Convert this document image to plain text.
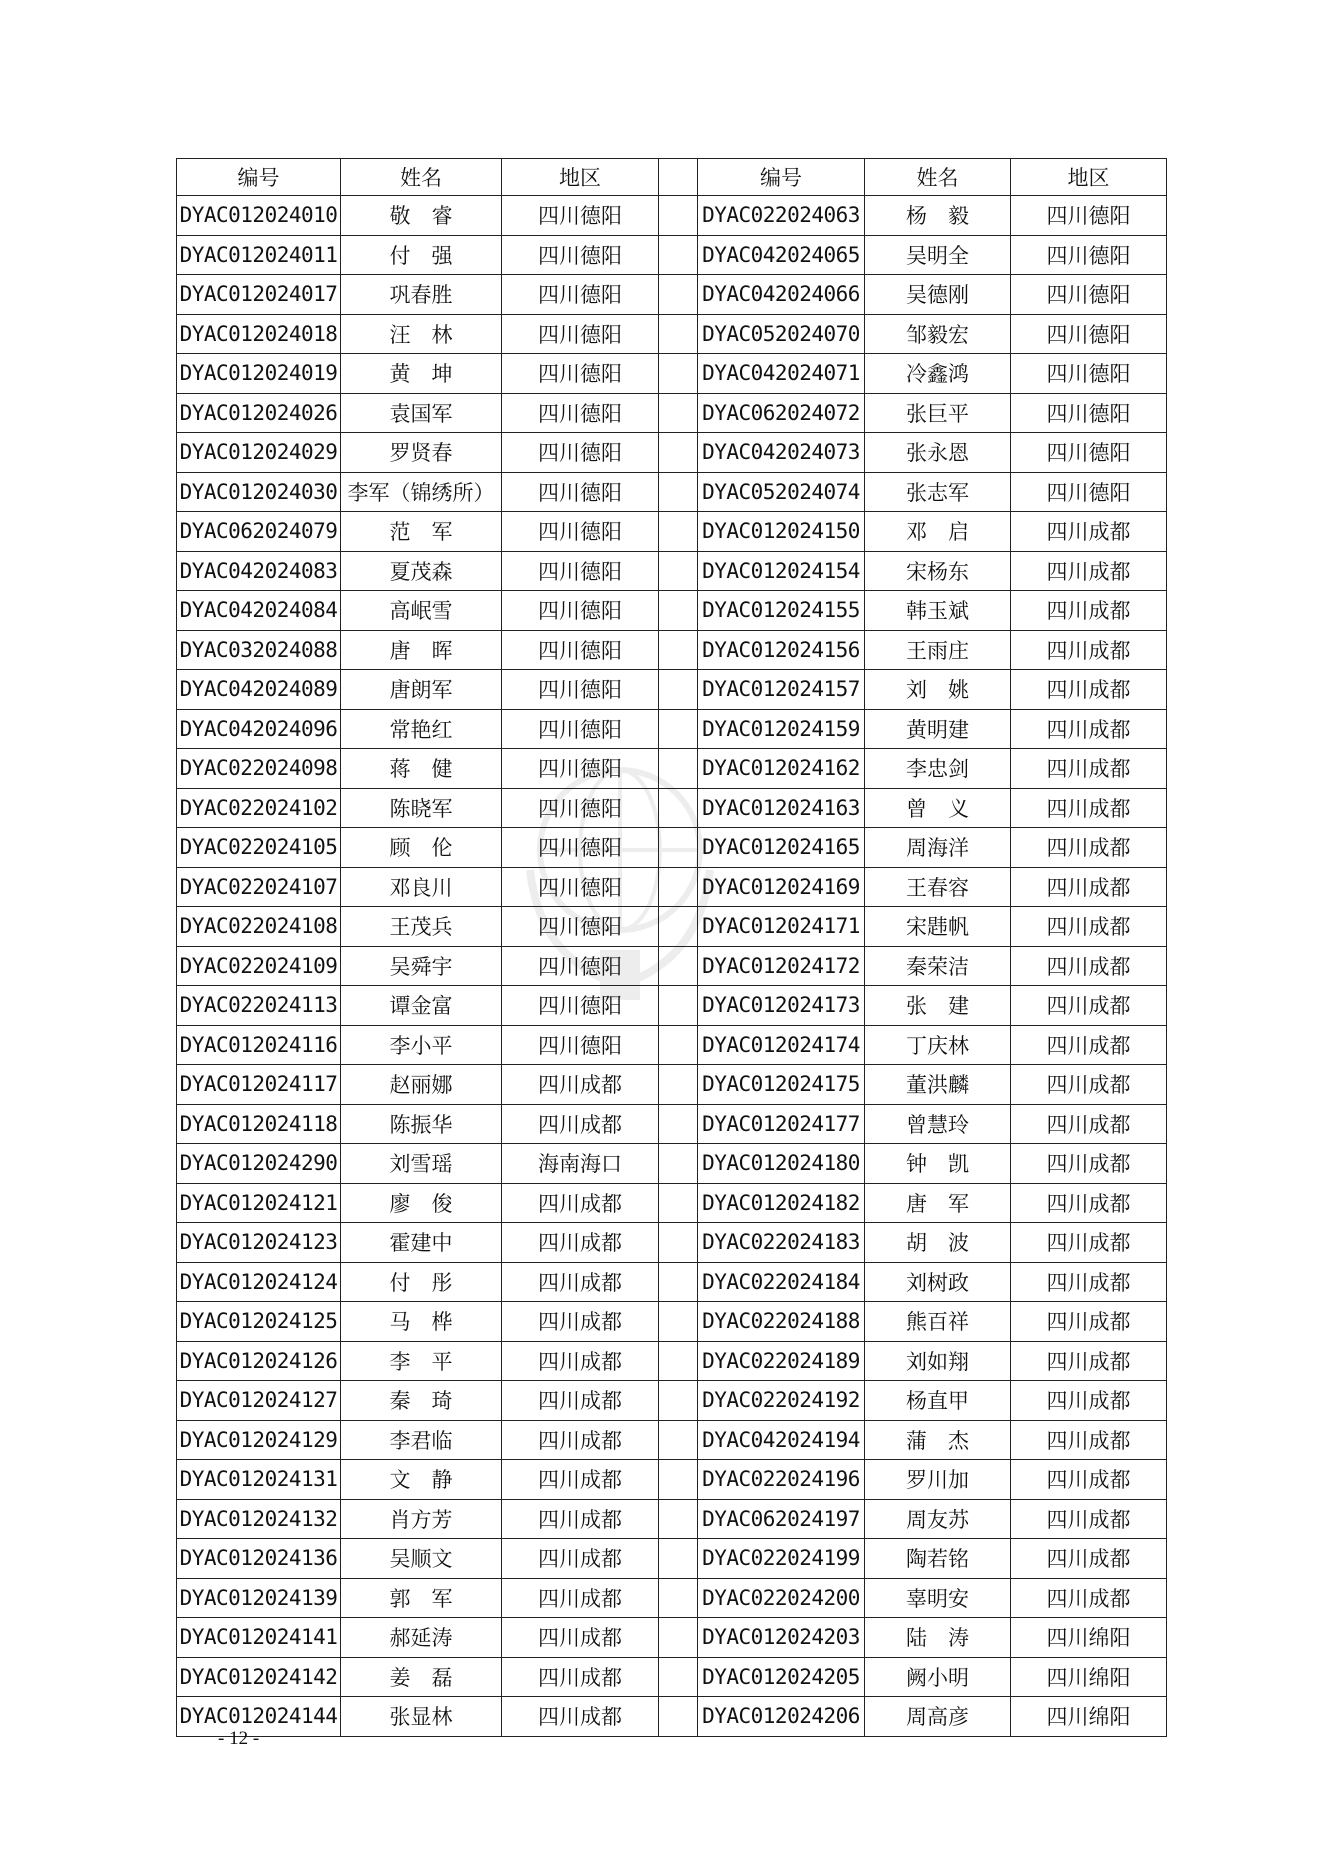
编号	姓名	地区		编号	姓名	地区
DYAC012024010	敬　睿	四川德阳		DYAC022024063	杨　毅	四川德阳
DYAC012024011	付　强	四川德阳		DYAC042024065	吴明全	四川德阳
DYAC012024017	巩春胜	四川德阳		DYAC042024066	吴德刚	四川德阳
DYAC012024018	汪　林	四川德阳		DYAC052024070	邹毅宏	四川德阳
DYAC012024019	黄　坤	四川德阳		DYAC042024071	冷鑫鸿	四川德阳
DYAC012024026	袁国军	四川德阳		DYAC062024072	张巨平	四川德阳
DYAC012024029	罗贤春	四川德阳		DYAC042024073	张永恩	四川德阳
DYAC012024030	李军（锦绣所）	四川德阳		DYAC052024074	张志军	四川德阳
DYAC062024079	范　军	四川德阳		DYAC012024150	邓　启	四川成都
DYAC042024083	夏茂森	四川德阳		DYAC012024154	宋杨东	四川成都
DYAC042024084	高岷雪	四川德阳		DYAC012024155	韩玉斌	四川成都
DYAC032024088	唐　晖	四川德阳		DYAC012024156	王雨庄	四川成都
DYAC042024089	唐朗军	四川德阳		DYAC012024157	刘　姚	四川成都
DYAC042024096	常艳红	四川德阳		DYAC012024159	黄明建	四川成都
DYAC022024098	蒋　健	四川德阳		DYAC012024162	李忠剑	四川成都
DYAC022024102	陈晓军	四川德阳		DYAC012024163	曾　义	四川成都
DYAC022024105	顾　伦	四川德阳		DYAC012024165	周海洋	四川成都
DYAC022024107	邓良川	四川德阳		DYAC012024169	王春容	四川成都
DYAC022024108	王茂兵	四川德阳		DYAC012024171	宋韪帆	四川成都
DYAC022024109	吴舜宇	四川德阳		DYAC012024172	秦荣洁	四川成都
DYAC022024113	谭金富	四川德阳		DYAC012024173	张　建	四川成都
DYAC012024116	李小平	四川德阳		DYAC012024174	丁庆林	四川成都
DYAC012024117	赵丽娜	四川成都		DYAC012024175	董洪麟	四川成都
DYAC012024118	陈振华	四川成都		DYAC012024177	曾慧玲	四川成都
DYAC012024290	刘雪瑶	海南海口		DYAC012024180	钟　凯	四川成都
DYAC012024121	廖　俊	四川成都		DYAC012024182	唐　军	四川成都
DYAC012024123	霍建中	四川成都		DYAC022024183	胡　波	四川成都
DYAC012024124	付　彤	四川成都		DYAC022024184	刘树政	四川成都
DYAC012024125	马　桦	四川成都		DYAC022024188	熊百祥	四川成都
DYAC012024126	李　平	四川成都		DYAC022024189	刘如翔	四川成都
DYAC012024127	秦　琦	四川成都		DYAC022024192	杨直甲	四川成都
DYAC012024129	李君临	四川成都		DYAC042024194	蒲　杰	四川成都
DYAC012024131	文　静	四川成都		DYAC022024196	罗川加	四川成都
DYAC012024132	肖方芳	四川成都		DYAC062024197	周友苏	四川成都
DYAC012024136	吴顺文	四川成都		DYAC022024199	陶若铭	四川成都
DYAC012024139	郭　军	四川成都		DYAC022024200	辜明安	四川成都
DYAC012024141	郝延涛	四川成都		DYAC012024203	陆　涛	四川绵阳
DYAC012024142	姜　磊	四川成都		DYAC012024205	阙小明	四川绵阳
DYAC012024144	张显林	四川成都		DYAC012024206	周高彦	四川绵阳
- 12 -
